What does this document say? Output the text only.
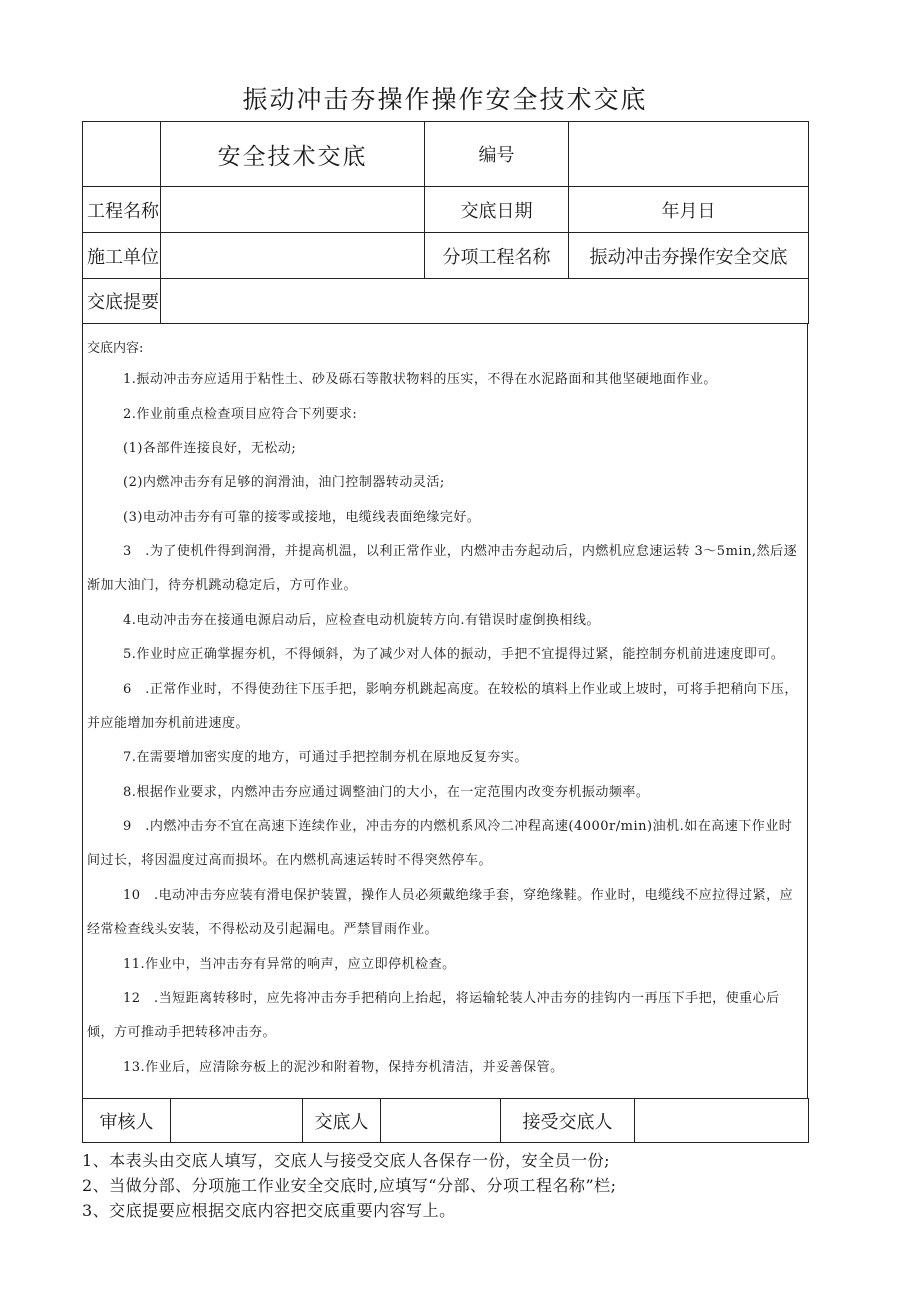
振动冲击夯操作操作安全技术交底
	安全技术交底	编号	
工程名称		交底日期	年月日
施工单位		分项工程名称	振动冲击夯操作安全交底
交底提要			
交底内容:
1.振动冲击夯应适用于粘性土、砂及砾石等散状物料的压实，不得在水泥路面和其他坚硬地面作业。
2.作业前重点检查项目应符合下列要求:
(1)各部件连接良好，无松动;
(2)内燃冲击夯有足够的润滑油，油门控制器转动灵活;
(3)电动冲击夯有可靠的接零或接地，电缆线表面绝缘完好。
3　.为了使机件得到润滑，并提高机温，以利正常作业，内燃冲击夯起动后，内燃机应怠速运转 3～5min,然后逐渐加大油门，待夯机跳动稳定后，方可作业。
4.电动冲击夯在接通电源启动后，应检查电动机旋转方向.有错误时虚倒换相线。
5.作业时应正确掌握夯机，不得倾斜，为了减少对人体的振动，手把不宜提得过紧，能控制夯机前进速度即可。
6　.正常作业时，不得使劲往下压手把，影响夯机跳起高度。在较松的填料上作业或上坡时，可将手把稍向下压，并应能增加夯机前进速度。
7.在需要增加密实度的地方，可通过手把控制夯机在原地反复夯实。
8.根据作业要求，内燃冲击夯应通过调整油门的大小，在一定范围内改变夯机振动频率。
9　.内燃冲击夯不宜在高速下连续作业，冲击夯的内燃机系风冷二冲程高速(4000r/min)油机.如在高速下作业时间过长，将因温度过高而损坏。在内燃机高速运转时不得突然停车。
10　.电动冲击夯应装有滑电保护装置，操作人员必须戴绝缘手套，穿绝缘鞋。作业时，电缆线不应拉得过紧，应经常检查线头安装，不得松动及引起漏电。严禁冒雨作业。
11.作业中，当冲击夯有异常的响声，应立即停机检查。
12　.当短距离转移时，应先将冲击夯手把稍向上抬起，将运输轮装人冲击夯的挂钩内一再压下手把，使重心后倾，方可推动手把转移冲击夯。
13.作业后，应清除夯板上的泥沙和附着物，保持夯机清洁，并妥善保管。
审核人		交底人		接受交底人	
1、本表头由交底人填写，交底人与接受交底人各保存一份，安全员一份;
2、当做分部、分项施工作业安全交底时,应填写“分部、分项工程名称”栏;
3、交底提要应根据交底内容把交底重要内容写上。
